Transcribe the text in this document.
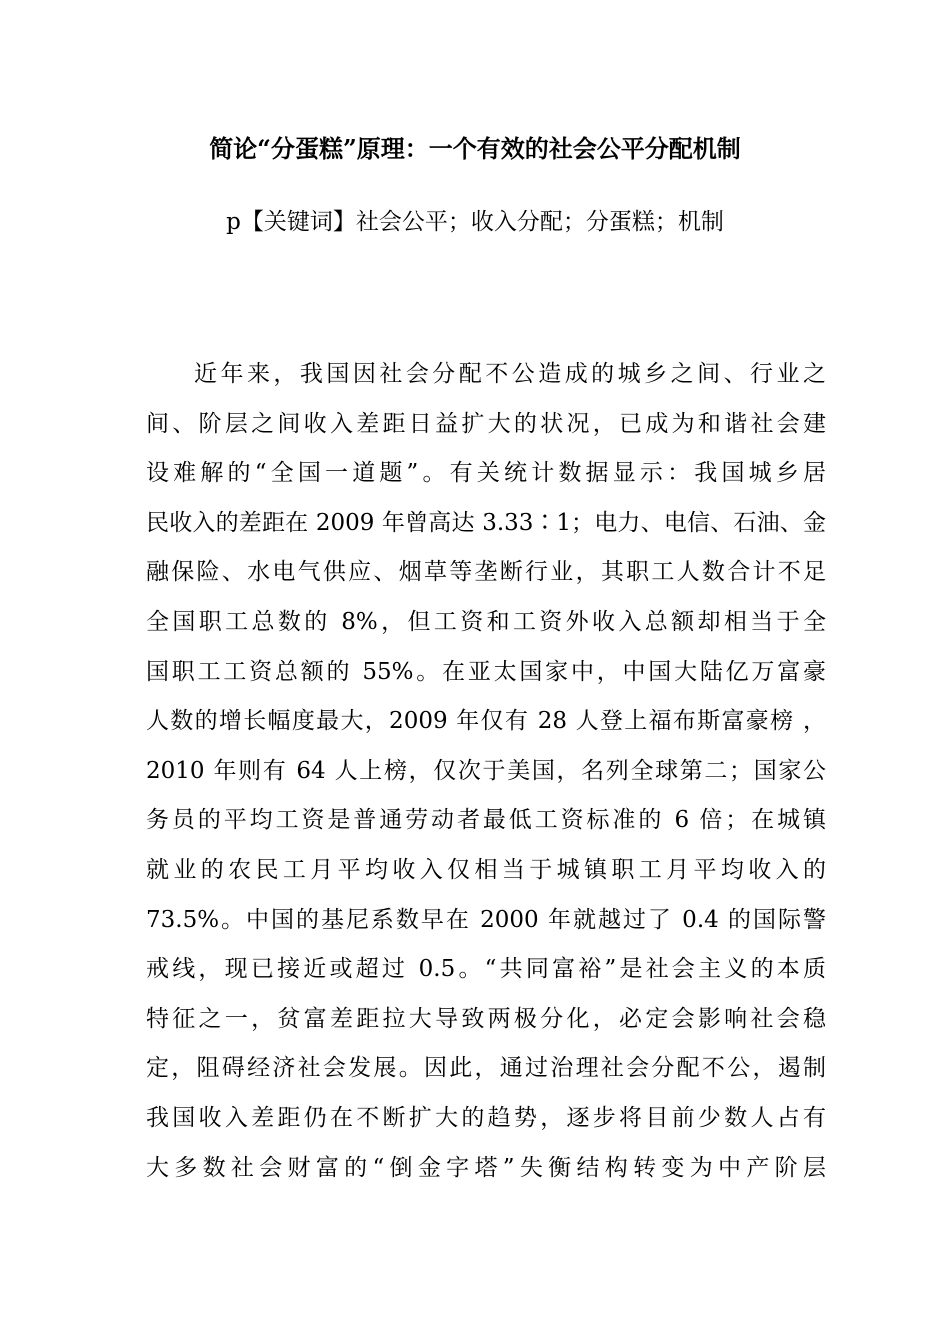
简论“分蛋糕”原理：一个有效的社会公平分配机制
p【关键词】社会公平；收入分配；分蛋糕；机制
近年来，我国因社会分配不公造成的城乡之间、行业之
间、阶层之间收入差距日益扩大的状况，已成为和谐社会建
设难解的“全国一道题”。有关统计数据显示：我国城乡居
民收入的差距在 2009 年曾高达 3.33∶1；电力、电信、石油、金
融保险、水电气供应、烟草等垄断行业，其职工人数合计不足
全国职工总数的 8%，但工资和工资外收入总额却相当于全
国职工工资总额的 55%。在亚太国家中，中国大陆亿万富豪
人数的增长幅度最大，2009 年仅有 28 人登上福布斯富豪榜 ，
2010 年则有 64 人上榜，仅次于美国，名列全球第二；国家公
务员的平均工资是普通劳动者最低工资标准的 6 倍；在城镇
就业的农民工月平均收入仅相当于城镇职工月平均收入的
73.5%。中国的基尼系数早在 2000 年就越过了 0.4 的国际警
戒线，现已接近或超过 0.5。“共同富裕”是社会主义的本质
特征之一，贫富差距拉大导致两极分化，必定会影响社会稳
定，阻碍经济社会发展。因此，通过治理社会分配不公，遏制
我国收入差距仍在不断扩大的趋势，逐步将目前少数人占有
大多数社会财富的“倒金字塔”失衡结构转变为中产阶层
